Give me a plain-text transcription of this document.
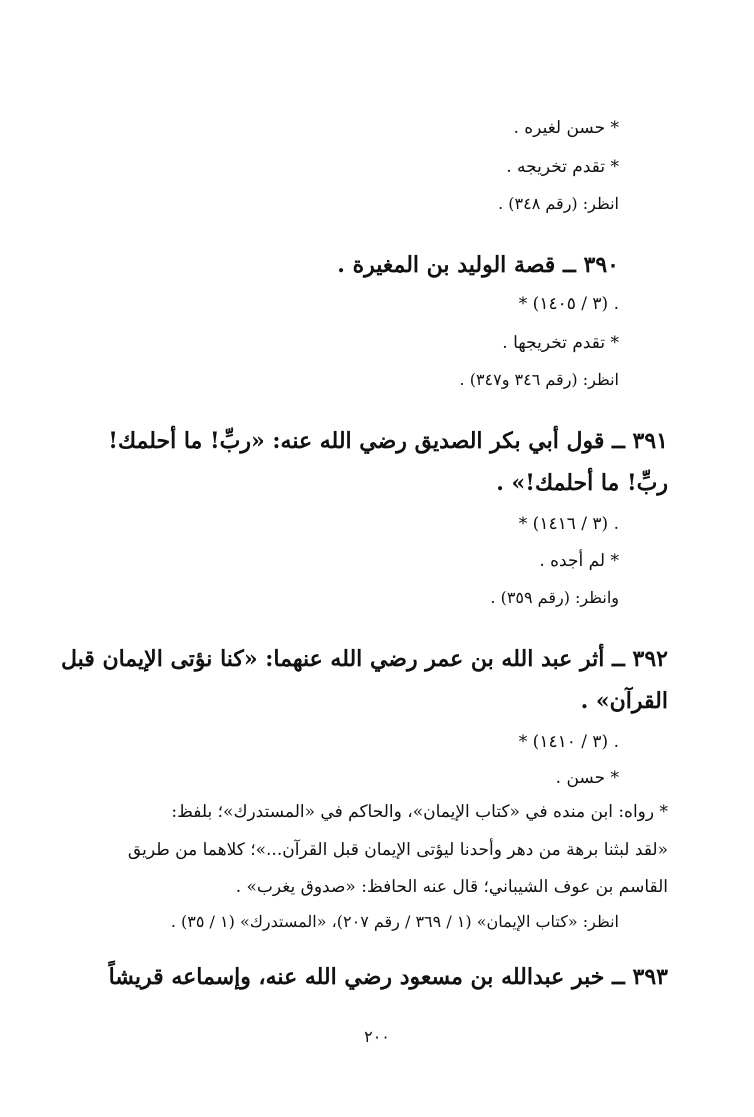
* حسن لغيره .

* تقدم تخريجه .

انظر: (رقم ٣٤٨) .

٣٩٠ ــ قصة الوليد بن المغيرة .

* (٣ / ١٤٠٥) .

* تقدم تخريجها .

انظر: (رقم ٣٤٦ و٣٤٧) .

٣٩١ ــ قول أبي بكر الصديق رضي الله عنه: «ربِّ! ما أحلمك!

ربِّ! ما أحلمك!» .

* (٣ / ١٤١٦) .

* لم أجده .

وانظر: (رقم ٣٥٩) .

٣٩٢ ــ أثر عبد الله بن عمر رضي الله عنهما: «كنا نؤتى الإيمان قبل

القرآن» .

* (٣ / ١٤١٠) .

* حسن .

* رواه: ابن منده في «كتاب الإيمان»، والحاكم في «المستدرك»؛ بلفظ:

«لقد لبثنا برهة من دهر وأحدنا ليؤتى الإيمان قبل القرآن...»؛ كلاهما من طريق

القاسم بن عوف الشيباني؛ قال عنه الحافظ: «صدوق يغرب» .

انظر: «كتاب الإيمان» (١ / ٣٦٩ / رقم ٢٠٧)، «المستدرك» (١ / ٣٥) .

٣٩٣ ــ خبر عبدالله بن مسعود رضي الله عنه، وإسماعه قريشاً

٢٠٠
